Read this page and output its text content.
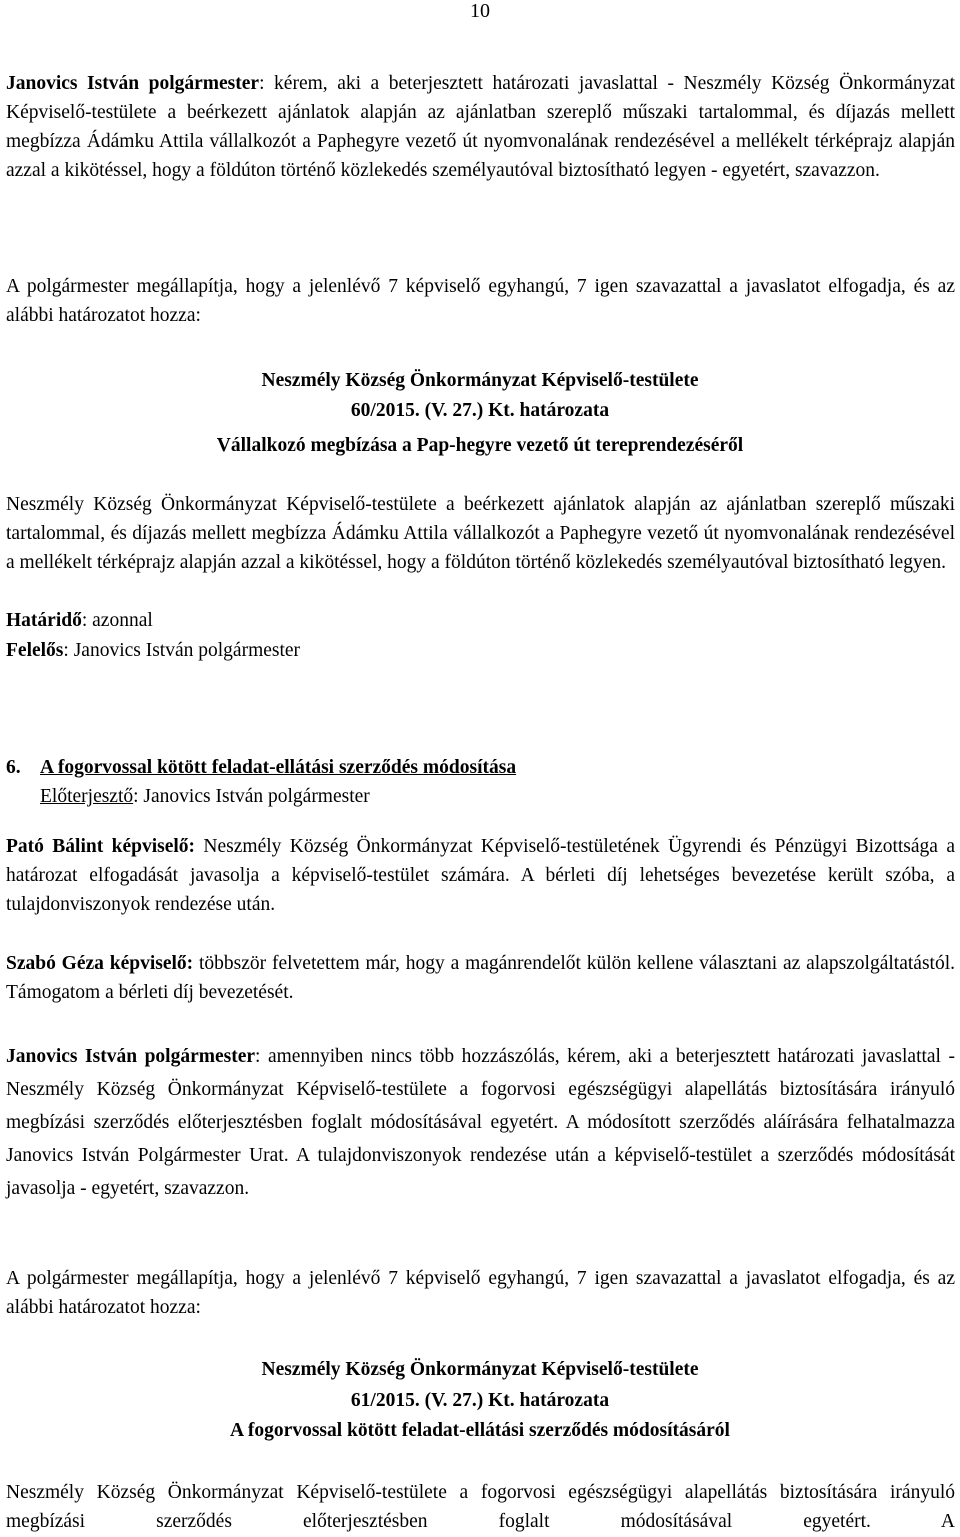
10
Janovics István polgármester: kérem, aki a beterjesztett határozati javaslattal - Neszmély Község Önkormányzat Képviselő-testülete a beérkezett ajánlatok alapján az ajánlatban szereplő műszaki tartalommal, és díjazás mellett megbízza Ádámku Attila vállalkozót a Paphegyre vezető út nyomvonalának rendezésével a mellékelt térképrajz alapján azzal a kikötéssel, hogy a földúton történő közlekedés személyautóval biztosítható legyen - egyetért, szavazzon.
A polgármester megállapítja, hogy a jelenlévő 7 képviselő egyhangú, 7 igen szavazattal a javaslatot elfogadja, és az alábbi határozatot hozza:
Neszmély Község Önkormányzat Képviselő-testülete
60/2015. (V. 27.) Kt. határozata
Vállalkozó megbízása a Pap-hegyre vezető út tereprendezéséről
Neszmély Község Önkormányzat Képviselő-testülete a beérkezett ajánlatok alapján az ajánlatban szereplő műszaki tartalommal, és díjazás mellett megbízza Ádámku Attila vállalkozót a Paphegyre vezető út nyomvonalának rendezésével a mellékelt térképrajz alapján azzal a kikötéssel, hogy a földúton történő közlekedés személyautóval biztosítható legyen.
Határidő: azonnal
Felelős: Janovics István polgármester
6. A fogorvossal kötött feladat-ellátási szerződés módosítása
Előterjesztő: Janovics István polgármester
Pató Bálint képviselő: Neszmély Község Önkormányzat Képviselő-testületének Ügyrendi és Pénzügyi Bizottsága a határozat elfogadását javasolja a képviselő-testület számára. A bérleti díj lehetséges bevezetése került szóba, a tulajdonviszonyok rendezése után.
Szabó Géza képviselő: többször felvetettem már, hogy a magánrendelőt külön kellene választani az alapszolgáltatástól. Támogatom a bérleti díj bevezetését.
Janovics István polgármester: amennyiben nincs több hozzászólás, kérem, aki a beterjesztett határozati javaslattal - Neszmély Község Önkormányzat Képviselő-testülete a fogorvosi egészségügyi alapellátás biztosítására irányuló megbízási szerződés előterjesztésben foglalt módosításával egyetért. A módosított szerződés aláírására felhatalmazza Janovics István Polgármester Urat. A tulajdonviszonyok rendezése után a képviselő-testület a szerződés módosítását javasolja - egyetért, szavazzon.
A polgármester megállapítja, hogy a jelenlévő 7 képviselő egyhangú, 7 igen szavazattal a javaslatot elfogadja, és az alábbi határozatot hozza:
Neszmély Község Önkormányzat Képviselő-testülete
61/2015. (V. 27.) Kt. határozata
A fogorvossal kötött feladat-ellátási szerződés módosításáról
Neszmély Község Önkormányzat Képviselő-testülete a fogorvosi egészségügyi alapellátás biztosítására irányuló megbízási szerződés előterjesztésben foglalt módosításával egyetért. A
